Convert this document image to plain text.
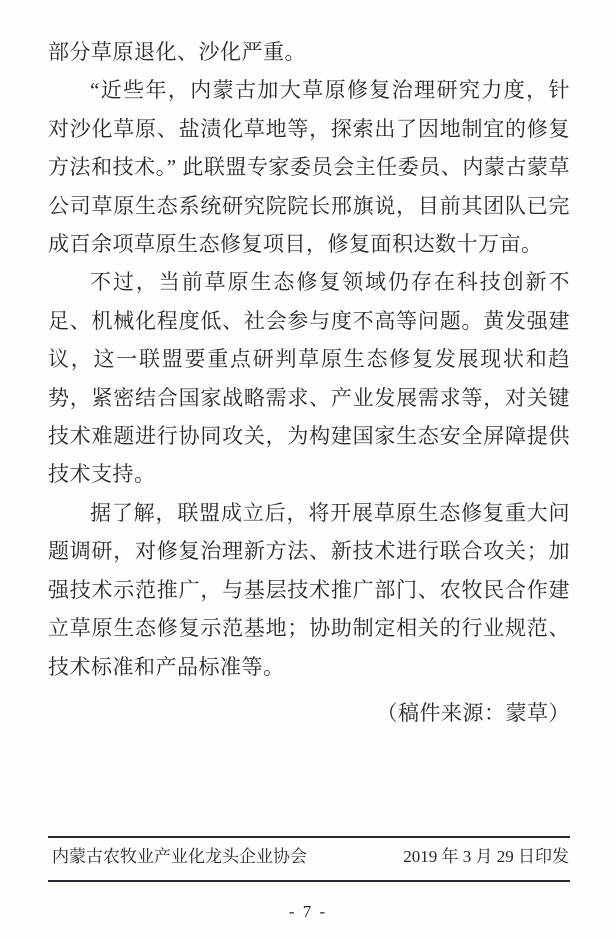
部分草原退化、沙化严重。

“近些年，内蒙古加大草原修复治理研究力度，针对沙化草原、盐渍化草地等，探索出了因地制宜的修复方法和技术。” 此联盟专家委员会主任委员、内蒙古蒙草公司草原生态系统研究院院长邢旗说，目前其团队已完成百余项草原生态修复项目，修复面积达数十万亩。

不过，当前草原生态修复领域仍存在科技创新不足、机械化程度低、社会参与度不高等问题。黄发强建议，这一联盟要重点研判草原生态修复发展现状和趋势，紧密结合国家战略需求、产业发展需求等，对关键技术难题进行协同攻关，为构建国家生态安全屏障提供技术支持。

据了解，联盟成立后，将开展草原生态修复重大问题调研，对修复治理新方法、新技术进行联合攻关；加强技术示范推广，与基层技术推广部门、农牧民合作建立草原生态修复示范基地；协助制定相关的行业规范、技术标准和产品标准等。

（稿件来源：蒙草）
内蒙古农牧业产业化龙头企业协会	2019 年 3 月 29 日印发
- 7 -
